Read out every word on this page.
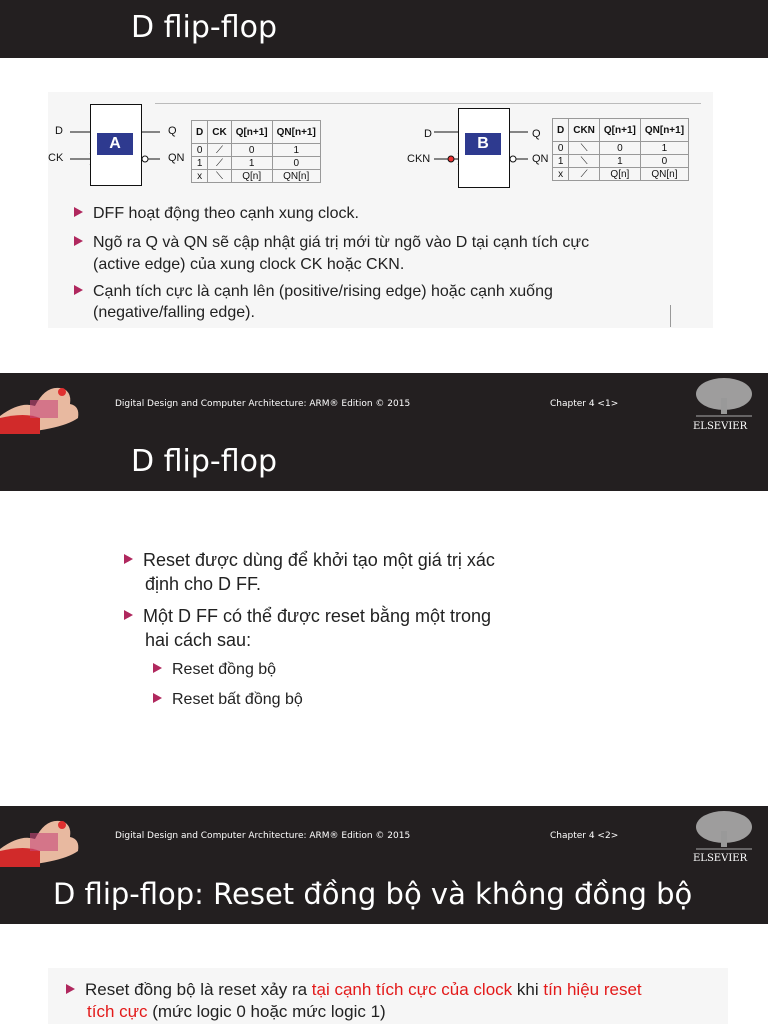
D flip-flop
A
D
CK
Q
QN
D	CK	Q[n+1]	QN[n+1]
0	⟋	0	1
1	⟋	1	0
x	⟍	Q[n]	QN[n]
B
D
CKN
Q
QN
D	CKN	Q[n+1]	QN[n+1]
0	⟍	0	1
1	⟍	1	0
x	⟋	Q[n]	QN[n]
DFF hoạt động theo cạnh xung clock.
Ngõ ra Q và QN sẽ cập nhật giá trị mới từ ngõ vào D tại cạnh tích cực
(active edge) của xung clock CK hoặc CKN.
Cạnh tích cực là cạnh lên (positive/rising edge) hoặc cạnh xuống
(negative/falling edge).
Digital Design and Computer Architecture: ARM® Edition © 2015	Chapter 4 <1>
ELSEVIER
D flip-flop
Reset được dùng để khởi tạo một giá trị xác
định cho D FF.
Một D FF có thể được reset bằng một trong
hai cách sau:
Reset đồng bộ
Reset bất đồng bộ
Digital Design and Computer Architecture: ARM® Edition © 2015	Chapter 4 <2>
ELSEVIER
D flip-flop: Reset đồng bộ và không đồng bộ
Reset đồng bộ là reset xảy ra tại cạnh tích cực của clock khi tín hiệu reset
tích cực (mức logic 0 hoặc mức logic 1)
